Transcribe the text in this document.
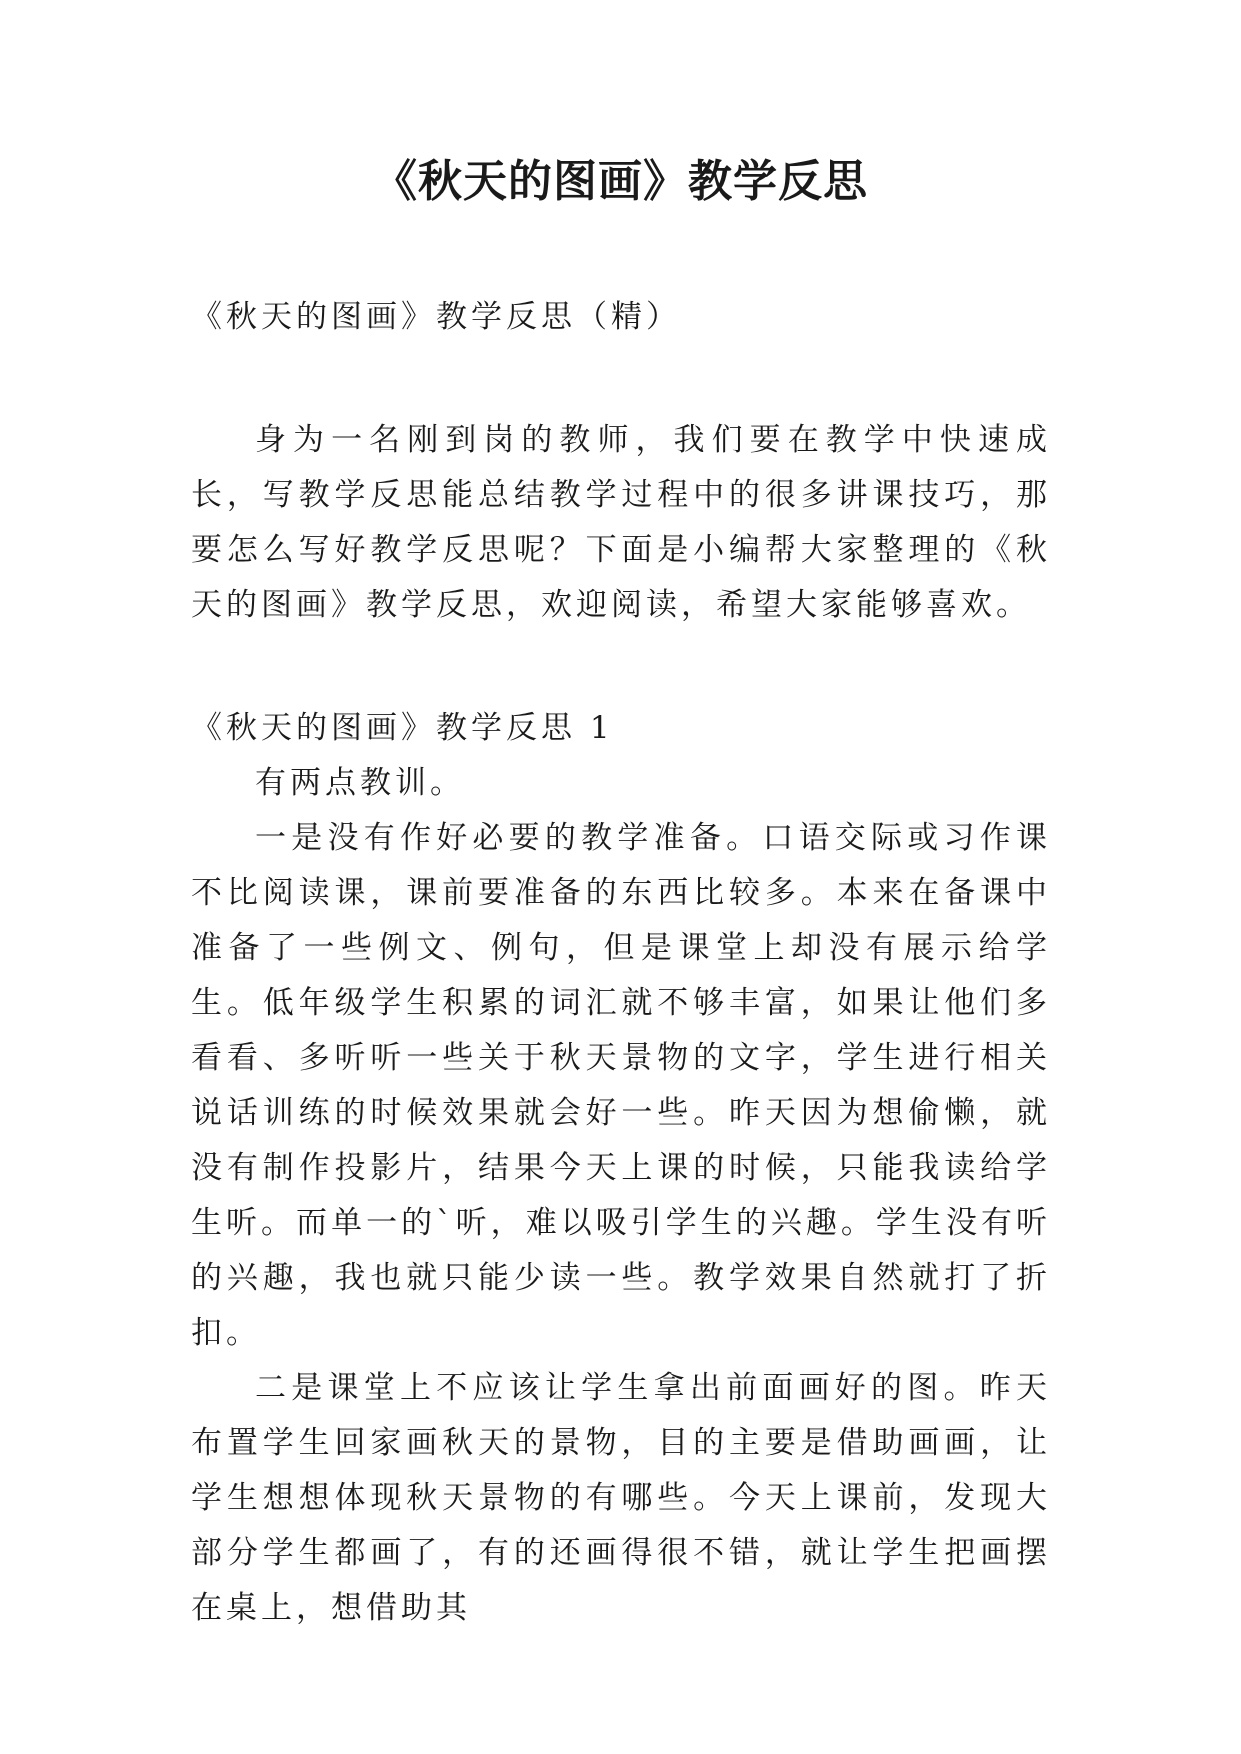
《秋天的图画》教学反思
《秋天的图画》教学反思（精）

身为一名刚到岗的教师，我们要在教学中快速成长，写教学反思能总结教学过程中的很多讲课技巧，那要怎么写好教学反思呢？下面是小编帮大家整理的《秋天的图画》教学反思，欢迎阅读，希望大家能够喜欢。

《秋天的图画》教学反思 1

有两点教训。

一是没有作好必要的教学准备。口语交际或习作课不比阅读课，课前要准备的东西比较多。本来在备课中准备了一些例文、例句，但是课堂上却没有展示给学生。低年级学生积累的词汇就不够丰富，如果让他们多看看、多听听一些关于秋天景物的文字，学生进行相关说话训练的时候效果就会好一些。昨天因为想偷懒，就没有制作投影片，结果今天上课的时候，只能我读给学生听。而单一的`听，难以吸引学生的兴趣。学生没有听的兴趣，我也就只能少读一些。教学效果自然就打了折扣。

二是课堂上不应该让学生拿出前面画好的图。昨天布置学生回家画秋天的景物，目的主要是借助画画，让学生想想体现秋天景物的有哪些。今天上课前，发现大部分学生都画了，有的还画得很不错，就让学生把画摆在桌上，想借助其
